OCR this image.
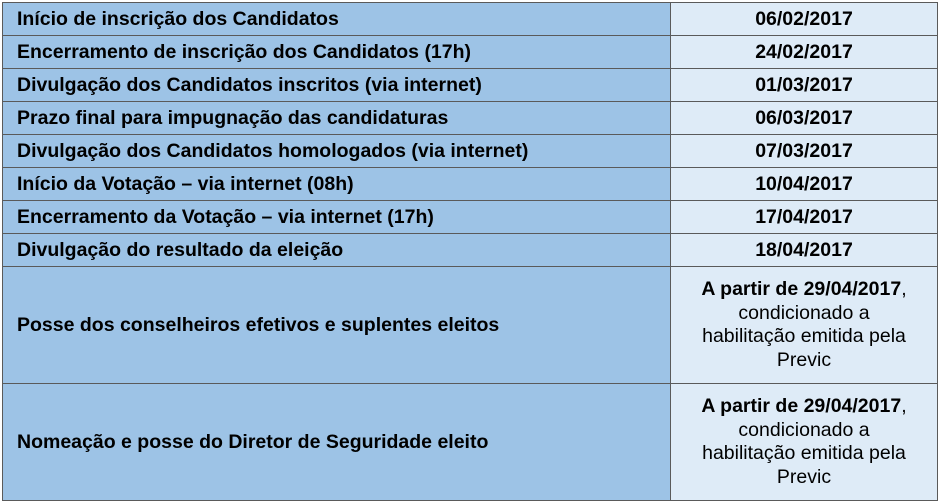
Início de inscrição dos Candidatos	06/02/2017
Encerramento de inscrição dos Candidatos (17h)	24/02/2017
Divulgação dos Candidatos inscritos (via internet)	01/03/2017
Prazo final para impugnação das candidaturas	06/03/2017
Divulgação dos Candidatos homologados (via internet)	07/03/2017
Início da Votação – via internet (08h)	10/04/2017
Encerramento da Votação – via internet (17h)	17/04/2017
Divulgação do resultado da eleição	18/04/2017
Posse dos conselheiros efetivos e suplentes eleitos	A partir de 29/04/2017,
condicionado a
habilitação emitida pela
Previc

Nomeação e posse do Diretor de Seguridade eleito	A partir de 29/04/2017,
condicionado a
habilitação emitida pela
Previc
